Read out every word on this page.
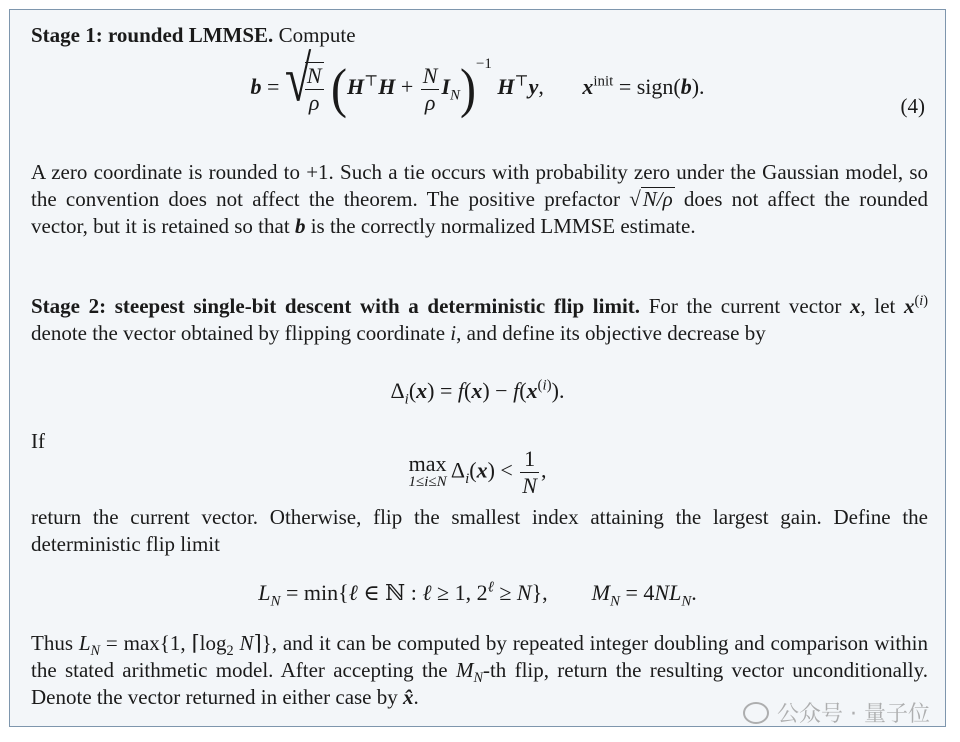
Stage 1: rounded LMMSE. Compute
b = √
$\frac{N}{\rho} (H^⊤H + \frac{N}{\rho} I_N)^{-1}$ H⊤y,       $x^{init}$ = sign(b).
(4)
A zero coordinate is rounded to +1. Such a tie occurs with probability zero under the Gaussian model, so the convention does not affect the theorem. The positive prefactor √N/ρ does not affect the rounded vector, but it is retained so that b is the correctly normalized LMMSE estimate.
Stage 2: steepest single-bit descent with a deterministic flip limit. For the current vector x, let $x^{(i)}$ denote the vector obtained by flipping coordinate i, and define its objective decrease by
$\Delta_i(x) = f(x) - f(x^{(i)})$.
If
max
1≤i≤N $\Delta_i(x) < \frac{1}{N}$ ,
return the current vector. Otherwise, flip the smallest index attaining the largest gain. Define the deterministic flip limit
$L_N$ = min{ℓ ∈ ℕ : ℓ ≥ 1, $2^\ell \ge N$},        $M_N = 4NL_N$.
Thus $L_N = \max\{1$, $⌈\log_2$ N⌉}, and it can be computed by repeated integer doubling and comparison within the stated arithmetic model. After accepting the $M_N-th$ flip, return the resulting vector unconditionally. Denote the vector returned in either case by x̂.
公众号 · 量子位
